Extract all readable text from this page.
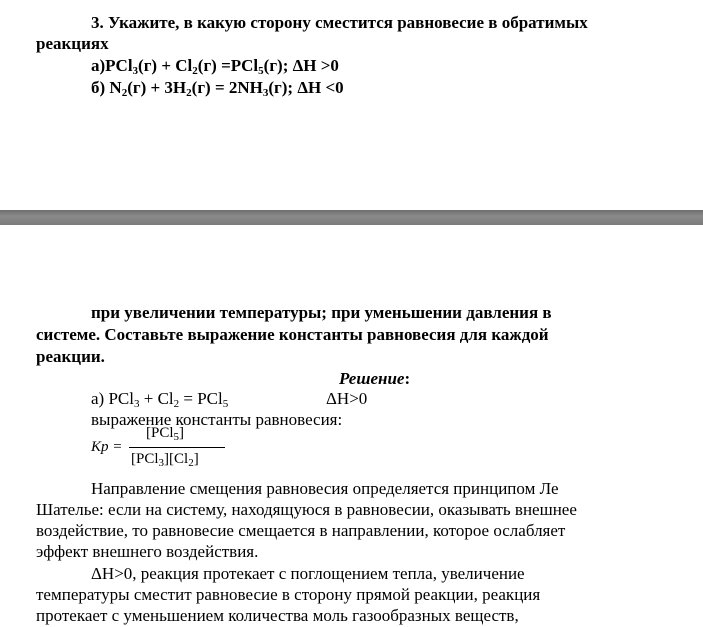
3. Укажите, в какую сторону сместится равновесие в обратимых
реакциях
$а)PCl_3(г) + Cl_2(г) =PCl_5(г)$; ΔH >0
б) $N_2(г) + 3H_2(г) = 2NH_3(г)$; ΔH <0
при увеличении температуры; при уменьшении давления в
системе. Составьте выражение константы равновесия для каждой
реакции.
Решение:
а) $PCl_3 + Cl_2 = PCl_5$	ΔH>0
выражение константы равновесия:
Kp =
[PCl$_5$]
$[PCl_3][Cl_2]$
Направление смещения равновесия определяется принципом Ле
Шателье: если на систему, находящуюся в равновесии, оказывать внешнее
воздействие, то равновесие смещается в направлении, которое ослабляет
эффект внешнего воздействия.
ΔH>0, реакция протекает с поглощением тепла, увеличение
температуры сместит равновесие в сторону прямой реакции, реакция
протекает с уменьшением количества моль газообразных веществ,
